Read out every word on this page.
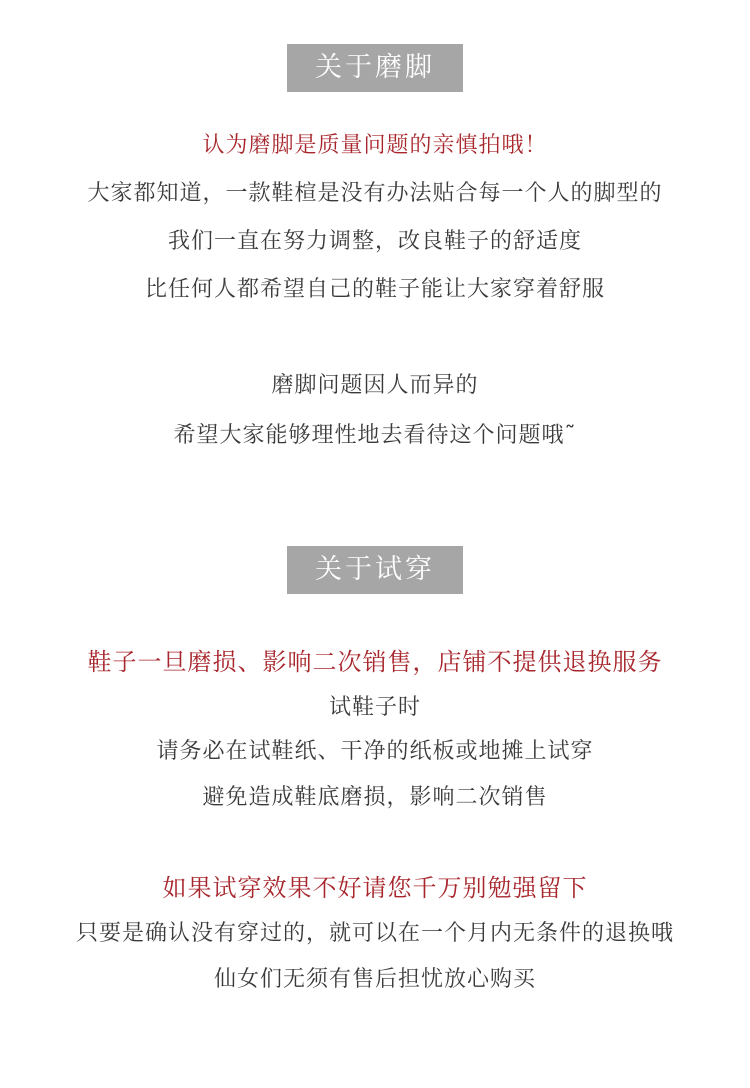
关于磨脚
认为磨脚是质量问题的亲慎拍哦！
大家都知道，一款鞋楦是没有办法贴合每一个人的脚型的
我们一直在努力调整，改良鞋子的舒适度
比任何人都希望自己的鞋子能让大家穿着舒服
磨脚问题因人而异的
希望大家能够理性地去看待这个问题哦˜
关于试穿
鞋子一旦磨损、影响二次销售，店铺不提供退换服务
试鞋子时
请务必在试鞋纸、干净的纸板或地摊上试穿
避免造成鞋底磨损，影响二次销售
如果试穿效果不好请您千万别勉强留下
只要是确认没有穿过的，就可以在一个月内无条件的退换哦
仙女们无须有售后担忧放心购买
